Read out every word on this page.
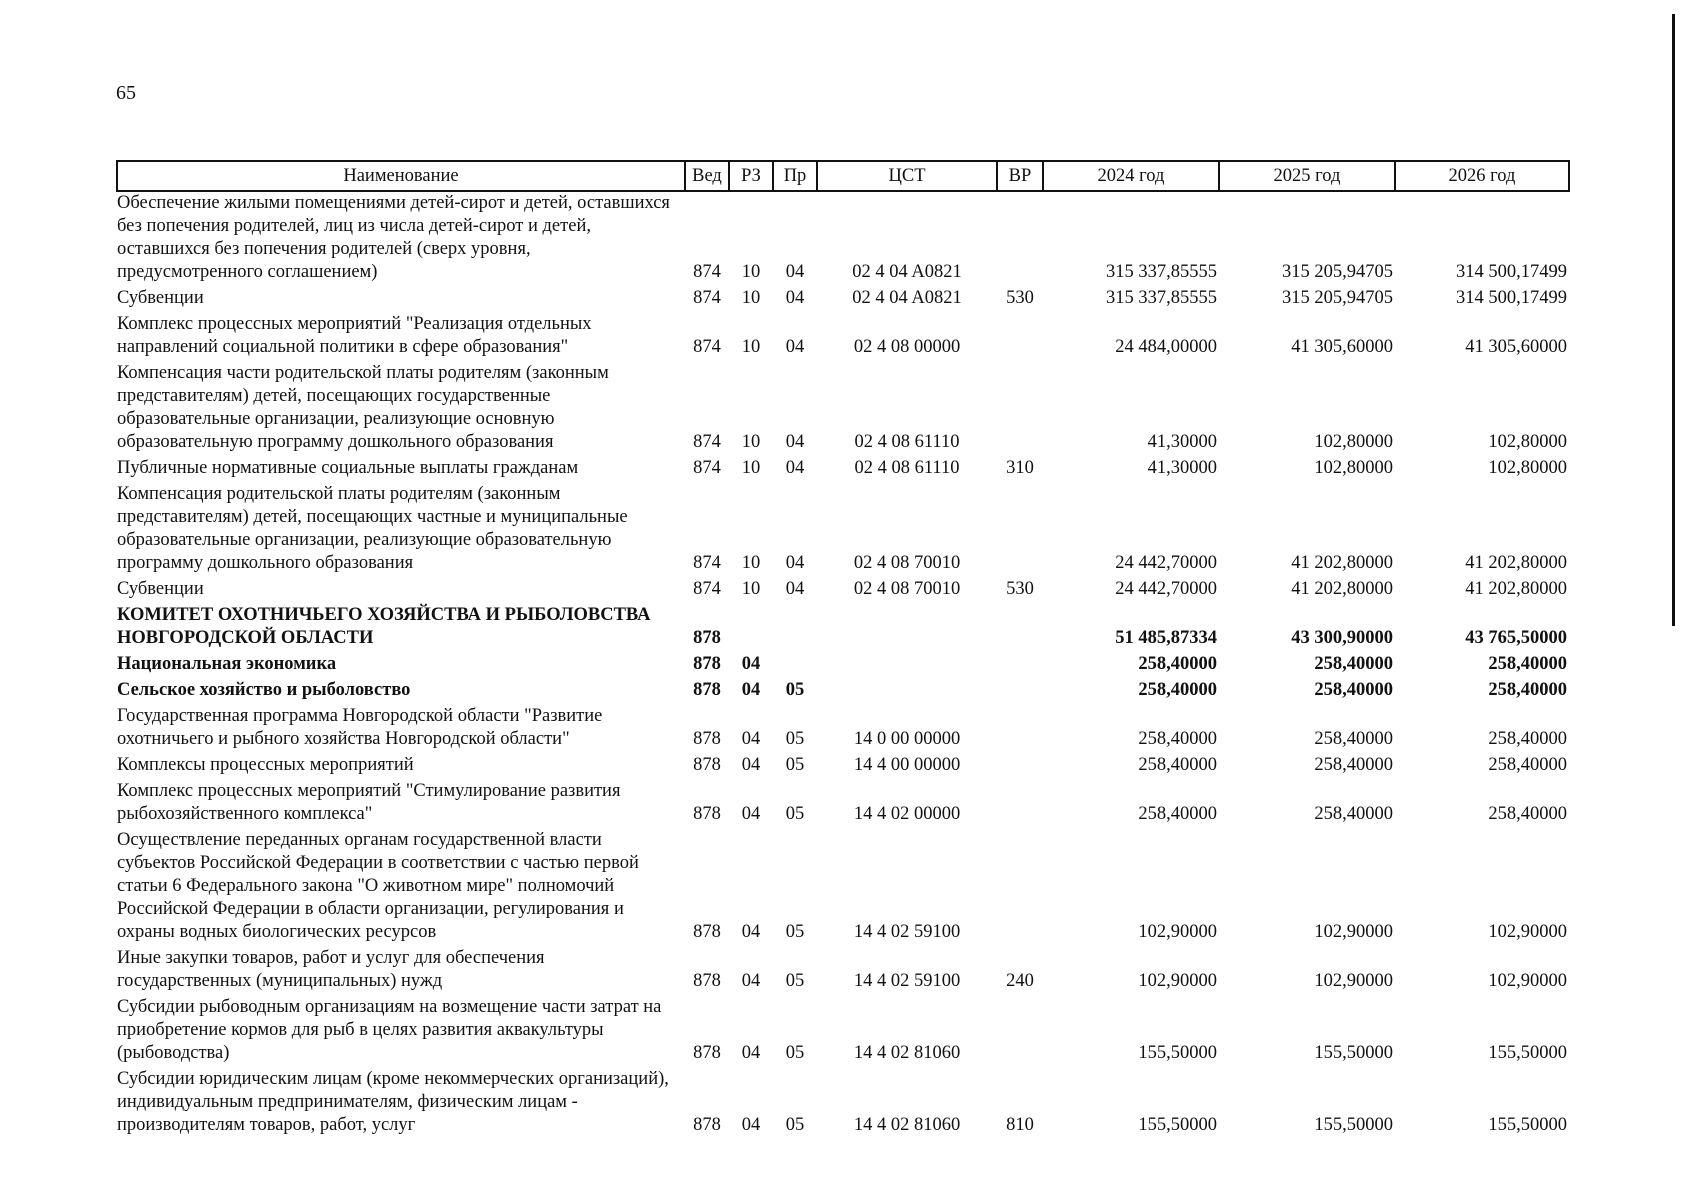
65
Наименование	Вед	РЗ	Пр	ЦСТ	ВР	2024 год	2025 год	2026 год
Обеспечение жилыми помещениями детей-сирот и детей, оставшихся без попечения родителей, лиц из числа детей-сирот и детей, оставшихся без попечения родителей (сверх уровня, предусмотренного соглашением)	874	10	04	02 4 04 A0821		315 337,85555	315 205,94705	314 500,17499
Субвенции	874	10	04	02 4 04 A0821	530	315 337,85555	315 205,94705	314 500,17499
Комплекс процессных мероприятий "Реализация отдельных направлений социальной политики в сфере образования"	874	10	04	02 4 08 00000		24 484,00000	41 305,60000	41 305,60000
Компенсация части родительской платы родителям (законным представителям) детей, посещающих государственные образовательные организации, реализующие основную образовательную программу дошкольного образования	874	10	04	02 4 08 61110		41,30000	102,80000	102,80000
Публичные нормативные социальные выплаты гражданам	874	10	04	02 4 08 61110	310	41,30000	102,80000	102,80000
Компенсация родительской платы родителям (законным представителям) детей, посещающих частные и муниципальные образовательные организации, реализующие образовательную программу дошкольного образования	874	10	04	02 4 08 70010		24 442,70000	41 202,80000	41 202,80000
Субвенции	874	10	04	02 4 08 70010	530	24 442,70000	41 202,80000	41 202,80000
КОМИТЕТ ОХОТНИЧЬЕГО ХОЗЯЙСТВА И РЫБОЛОВСТВА НОВГОРОДСКОЙ ОБЛАСТИ	878					51 485,87334	43 300,90000	43 765,50000
Национальная экономика	878	04				258,40000	258,40000	258,40000
Сельское хозяйство и рыболовство	878	04	05			258,40000	258,40000	258,40000
Государственная программа Новгородской области "Развитие охотничьего и рыбного хозяйства Новгородской области"	878	04	05	14 0 00 00000		258,40000	258,40000	258,40000
Комплексы процессных мероприятий	878	04	05	14 4 00 00000		258,40000	258,40000	258,40000
Комплекс процессных мероприятий "Стимулирование развития рыбохозяйственного комплекса"	878	04	05	14 4 02 00000		258,40000	258,40000	258,40000
Осуществление переданных органам государственной власти субъектов Российской Федерации в соответствии с частью первой статьи 6 Федерального закона "О животном мире" полномочий Российской Федерации в области организации, регулирования и охраны водных биологических ресурсов	878	04	05	14 4 02 59100		102,90000	102,90000	102,90000
Иные закупки товаров, работ и услуг для обеспечения государственных (муниципальных) нужд	878	04	05	14 4 02 59100	240	102,90000	102,90000	102,90000
Субсидии рыбоводным организациям на возмещение части затрат на приобретение кормов для рыб в целях развития аквакультуры (рыбоводства)	878	04	05	14 4 02 81060		155,50000	155,50000	155,50000
Субсидии юридическим лицам (кроме некоммерческих организаций), индивидуальным предпринимателям, физическим лицам - производителям товаров, работ, услуг	878	04	05	14 4 02 81060	810	155,50000	155,50000	155,50000
